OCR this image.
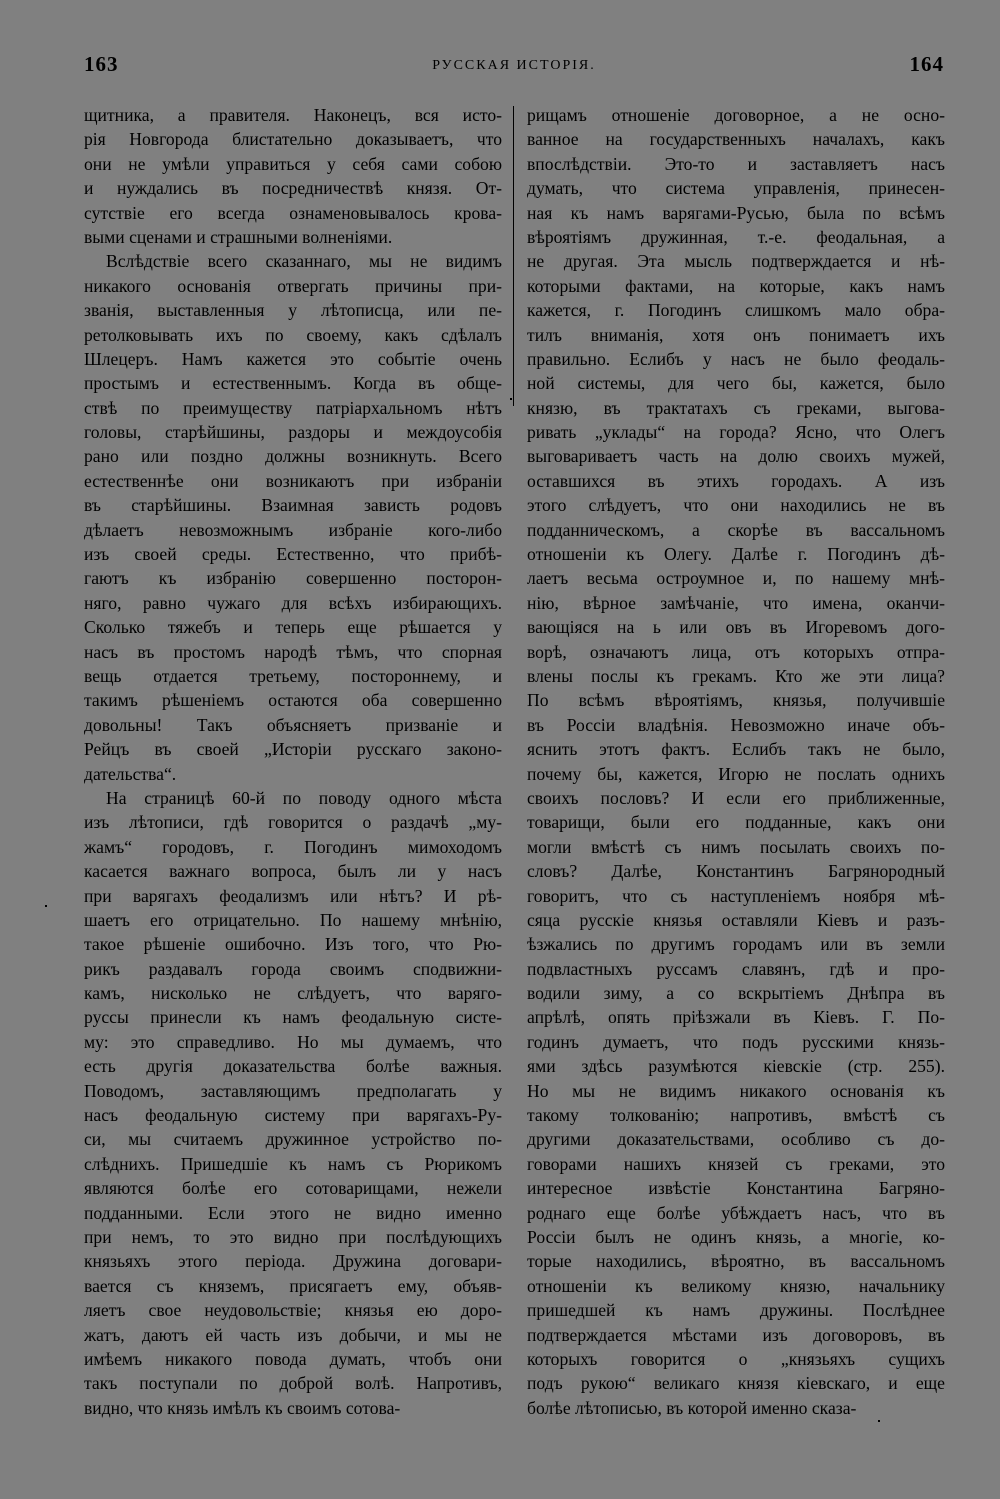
163	РУССКАЯ ИСТОРІЯ.	164
щитника, а правителя. Наконецъ, вся исто-
рія Новгорода блистательно доказываетъ, что
они не умѣли управиться у себя сами собою
и нуждались въ посредничествѣ князя. От-
сутствіе его всегда ознаменовывалось крова-
выми сценами и страшными волненіями.
Вслѣдствіе всего сказаннаго, мы не видимъ
никакого основанія отвергать причины при-
званія, выставленныя у лѣтописца, или пе-
ретолковывать ихъ по своему, какъ сдѣлалъ
Шлецеръ. Намъ кажется это событіе очень
простымъ и естественнымъ. Когда въ обще-
ствѣ по преимуществу патріархальномъ нѣтъ
головы, старѣйшины, раздоры и междоусобія
рано или поздно должны возникнуть. Всего
естественнѣе они возникаютъ при избраніи
въ старѣйшины. Взаимная зависть родовъ
дѣлаетъ невозможнымъ избраніе кого-либо
изъ своей среды. Естественно, что прибѣ-
гаютъ къ избранію совершенно посторон-
няго, равно чужаго для всѣхъ избирающихъ.
Сколько тяжебъ и теперь еще рѣшается у
насъ въ простомъ народѣ тѣмъ, что спорная
вещь отдается третьему, постороннему, и
такимъ рѣшеніемъ остаются оба совершенно
довольны! Такъ объясняетъ призваніе и
Рейцъ въ своей „Исторіи русскаго законо-
дательства“.
На страницѣ 60-й по поводу одного мѣста
изъ лѣтописи, гдѣ говорится о раздачѣ „му-
жамъ“ городовъ, г. Погодинъ мимоходомъ
касается важнаго вопроса, былъ ли у насъ
при варягахъ феодализмъ или нѣтъ? И рѣ-
шаетъ его отрицательно. По нашему мнѣнію,
такое рѣшеніе ошибочно. Изъ того, что Рю-
рикъ раздавалъ города своимъ сподвижни-
камъ, нисколько не слѣдуетъ, что варяго-
руссы принесли къ намъ феодальную систе-
му: это справедливо. Но мы думаемъ, что
есть другія доказательства болѣе важныя.
Поводомъ, заставляющимъ предполагать у
насъ феодальную систему при варягахъ-Ру-
си, мы считаемъ дружинное устройство по-
слѣднихъ. Пришедшіе къ намъ съ Рюрикомъ
являются болѣе его сотоварищами, нежели
подданными. Если этого не видно именно
при немъ, то это видно при послѣдующихъ
князьяхъ этого періода. Дружина договари-
вается съ княземъ, присягаетъ ему, объяв-
ляетъ свое неудовольствіе; князья ею доро-
жатъ, даютъ ей часть изъ добычи, и мы не
имѣемъ никакого повода думать, чтобъ они
такъ поступали по доброй волѣ. Напротивъ,
видно, что князь имѣлъ къ своимъ сотова-
рищамъ отношеніе договорное, а не осно-
ванное на государственныхъ началахъ, какъ
впослѣдствіи. Это-то и заставляетъ насъ
думать, что система управленія, принесен-
ная къ намъ варягами-Русью, была по всѣмъ
вѣроятіямъ дружинная, т.-е. феодальная, а
не другая. Эта мысль подтверждается и нѣ-
которыми фактами, на которые, какъ намъ
кажется, г. Погодинъ слишкомъ мало обра-
тилъ вниманія, хотя онъ понимаетъ ихъ
правильно. Еслибъ у насъ не было феодаль-
ной системы, для чего бы, кажется, было
князю, въ трактатахъ съ греками, выгова-
ривать „уклады“ на города? Ясно, что Олегъ
выговариваетъ часть на долю своихъ мужей,
оставшихся въ этихъ городахъ. А изъ
этого слѣдуетъ, что они находились не въ
подданническомъ, а скорѣе въ вассальномъ
отношеніи къ Олегу. Далѣе г. Погодинъ дѣ-
лаетъ весьма остроумное и, по нашему мнѣ-
нію, вѣрное замѣчаніе, что имена, оканчи-
вающіяся на ь или овъ въ Игоревомъ дого-
ворѣ, означаютъ лица, отъ которыхъ отпра-
влены послы къ грекамъ. Кто же эти лица?
По всѣмъ вѣроятіямъ, князья, получившіе
въ Россіи владѣнія. Невозможно иначе объ-
яснить этотъ фактъ. Еслибъ такъ не было,
почему бы, кажется, Игорю не послать однихъ
своихъ пословъ? И если его приближенные,
товарищи, были его подданные, какъ они
могли вмѣстѣ съ нимъ посылать своихъ по-
словъ? Далѣе, Константинъ Багрянородный
говоритъ, что съ наступленіемъ ноября мѣ-
сяца русскіе князья оставляли Кіевъ и разъ-
ѣзжались по другимъ городамъ или въ земли
подвластныхъ руссамъ славянъ, гдѣ и про-
водили зиму, а со вскрытіемъ Днѣпра въ
апрѣлѣ, опять пріѣзжали въ Кіевъ. Г. По-
годинъ думаетъ, что подъ русскими князь-
ями здѣсь разумѣются кіевскіе (стр. 255).
Но мы не видимъ никакого основанія къ
такому толкованію; напротивъ, вмѣстѣ съ
другими доказательствами, особливо съ до-
говорами нашихъ князей съ греками, это
интересное извѣстіе Константина Багряно-
роднаго еще болѣе убѣждаетъ насъ, что въ
Россіи былъ не одинъ князь, а многіе, ко-
торые находились, вѣроятно, въ вассальномъ
отношеніи къ великому князю, начальнику
пришедшей къ намъ дружины. Послѣднее
подтверждается мѣстами изъ договоровъ, въ
которыхъ говорится о „князьяхъ сущихъ
подъ рукою“ великаго князя кіевскаго, и еще
болѣе лѣтописью, въ которой именно сказа-
